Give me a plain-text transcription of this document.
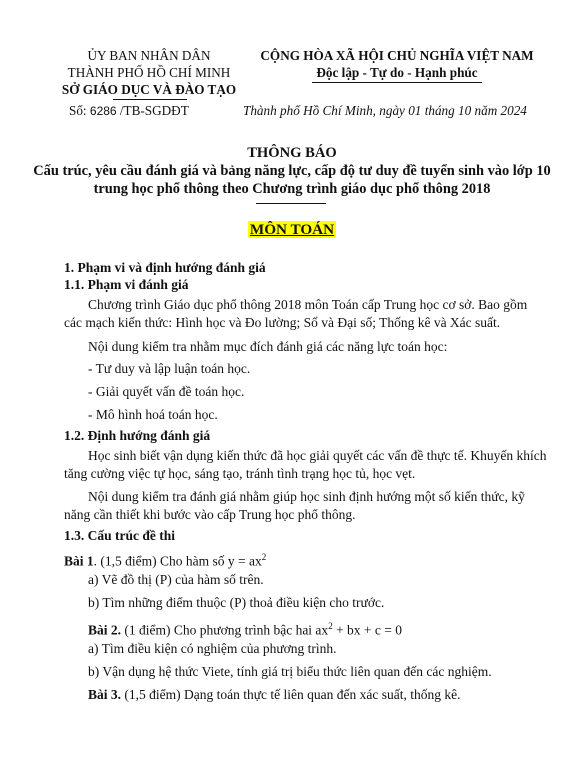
ỦY BAN NHÂN DÂN
THÀNH PHỐ HỒ CHÍ MINH
SỞ GIÁO DỤC VÀ ĐÀO TẠO
CỘNG HÒA XÃ HỘI CHỦ NGHĨA VIỆT NAM
Độc lập - Tự do - Hạnh phúc
Số: 6286 /TB-SGDĐT	Thành phố Hồ Chí Minh, ngày 01 tháng 10 năm 2024
THÔNG BÁO
Cấu trúc, yêu cầu đánh giá và bảng năng lực, cấp độ tư duy đề tuyển sinh vào lớp 10
trung học phổ thông theo Chương trình giáo dục phổ thông 2018
MÔN TOÁN
1. Phạm vi và định hướng đánh giá
1.1. Phạm vi đánh giá
Chương trình Giáo dục phổ thông 2018 môn Toán cấp Trung học cơ sở. Bao gồm
các mạch kiến thức: Hình học và Đo lường; Số và Đại số; Thống kê và Xác suất.
Nội dung kiểm tra nhằm mục đích đánh giá các năng lực toán học:
- Tư duy và lập luận toán học.
- Giải quyết vấn đề toán học.
- Mô hình hoá toán học.
1.2. Định hướng đánh giá
Học sinh biết vận dụng kiến thức đã học giải quyết các vấn đề thực tế. Khuyến khích
tăng cường việc tự học, sáng tạo, tránh tình trạng học tủ, học vẹt.
Nội dung kiểm tra đánh giá nhằm giúp học sinh định hướng một số kiến thức, kỹ
năng cần thiết khi bước vào cấp Trung học phổ thông.
1.3. Cấu trúc đề thi
Bài 1. (1,5 điểm) Cho hàm số $y = ax^2$
a) Vẽ đồ thị (P) của hàm số trên.
b) Tìm những điểm thuộc (P) thoả điều kiện cho trước.
Bài 2. (1 điểm) Cho phương trình bậc hai $ax^2$ + bx + c = 0
a) Tìm điều kiện có nghiệm của phương trình.
b) Vận dụng hệ thức Viete, tính giá trị biểu thức liên quan đến các nghiệm.
Bài 3. (1,5 điểm) Dạng toán thực tế liên quan đến xác suất, thống kê.
